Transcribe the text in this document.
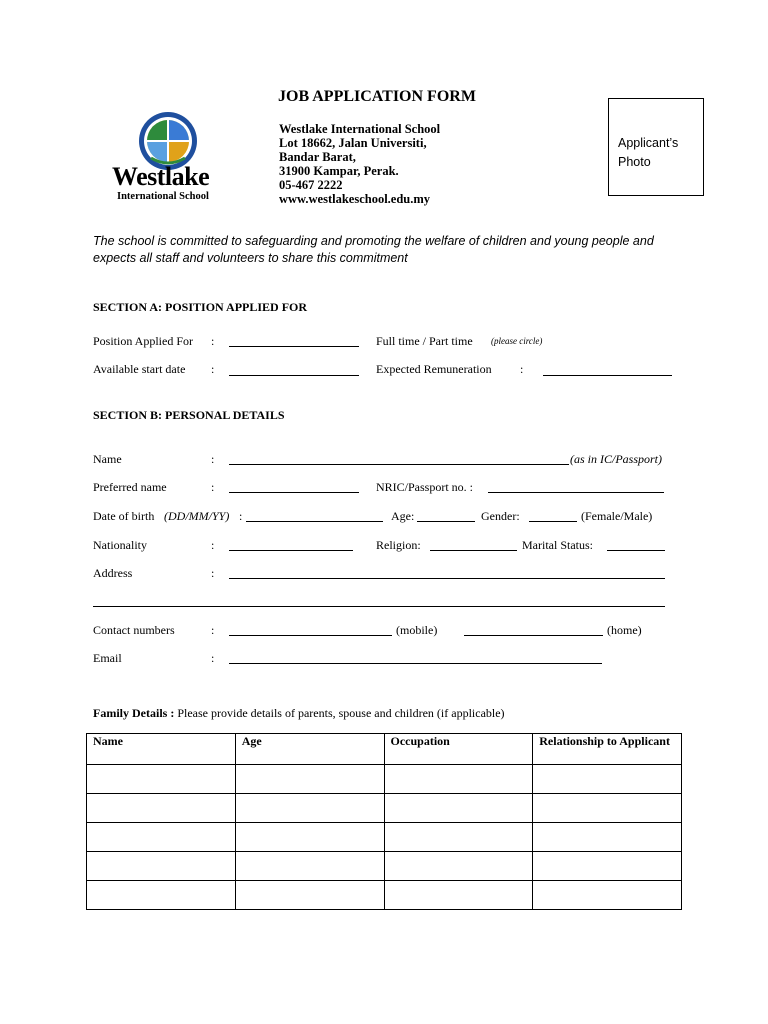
Westlake
International School
JOB APPLICATION FORM
Westlake International School
Lot 18662, Jalan Universiti,
Bandar Barat,
31900 Kampar, Perak.
05-467 2222
www.westlakeschool.edu.my
Applicant’s Photo
The school is committed to safeguarding and promoting the welfare of children and young people and expects all staff and volunteers to share this commitment
SECTION A: POSITION APPLIED FOR
Position Applied For :	Full time / Part time (please circle)
Available start date :	Expected Remuneration :
SECTION B: PERSONAL DETAILS
Name	:	(as in IC/Passport)
Preferred name	:	NRIC/Passport no. :
Date of birth (DD/MM/YY) :	Age:	Gender:	(Female/Male)
Nationality	:	Religion:	Marital Status:
Address	:
Contact numbers	:	(mobile)	(home)
Email	:
Family Details : Please provide details of parents, spouse and children (if applicable)
Name	Age	Occupation	Relationship to Applicant
